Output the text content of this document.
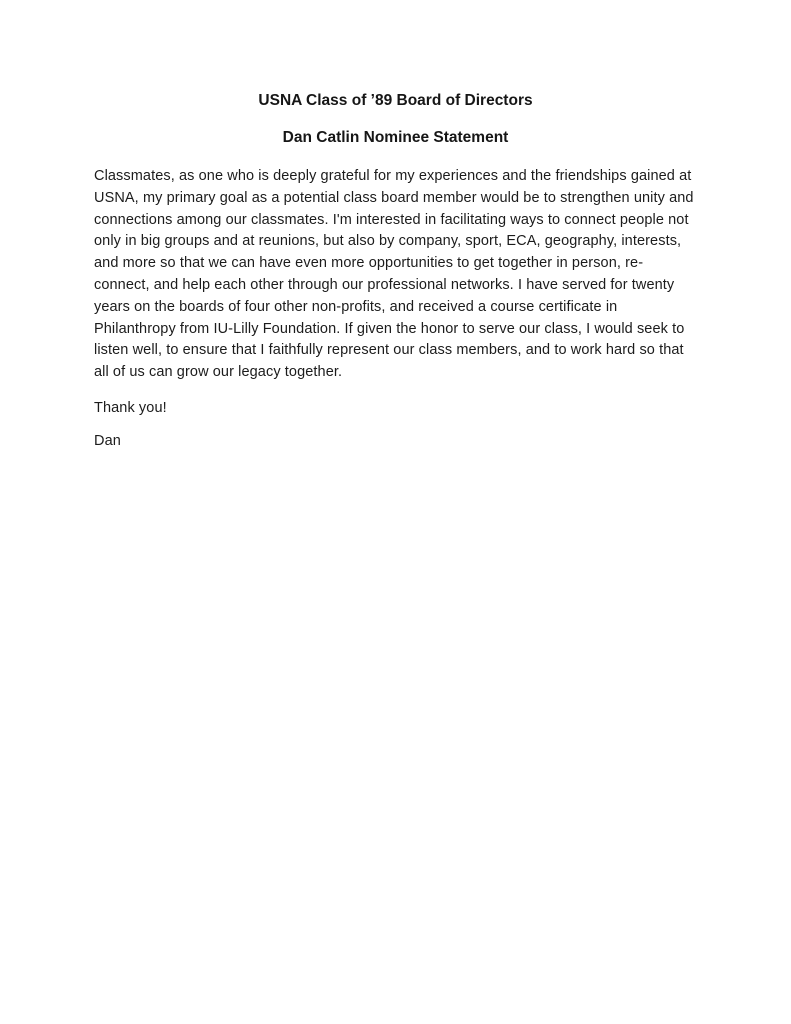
USNA Class of ’89 Board of Directors
Dan Catlin Nominee Statement

Classmates, as one who is deeply grateful for my experiences and the friendships gained at USNA, my primary goal as a potential class board member would be to strengthen unity and connections among our classmates. I'm interested in facilitating ways to connect people not only in big groups and at reunions, but also by company, sport, ECA, geography, interests, and more so that we can have even more opportunities to get together in person, re-connect, and help each other through our professional networks. I have served for twenty years on the boards of four other non-profits, and received a course certificate in Philanthropy from IU-Lilly Foundation. If given the honor to serve our class, I would seek to listen well, to ensure that I faithfully represent our class members, and to work hard so that all of us can grow our legacy together.

Thank you!

Dan
